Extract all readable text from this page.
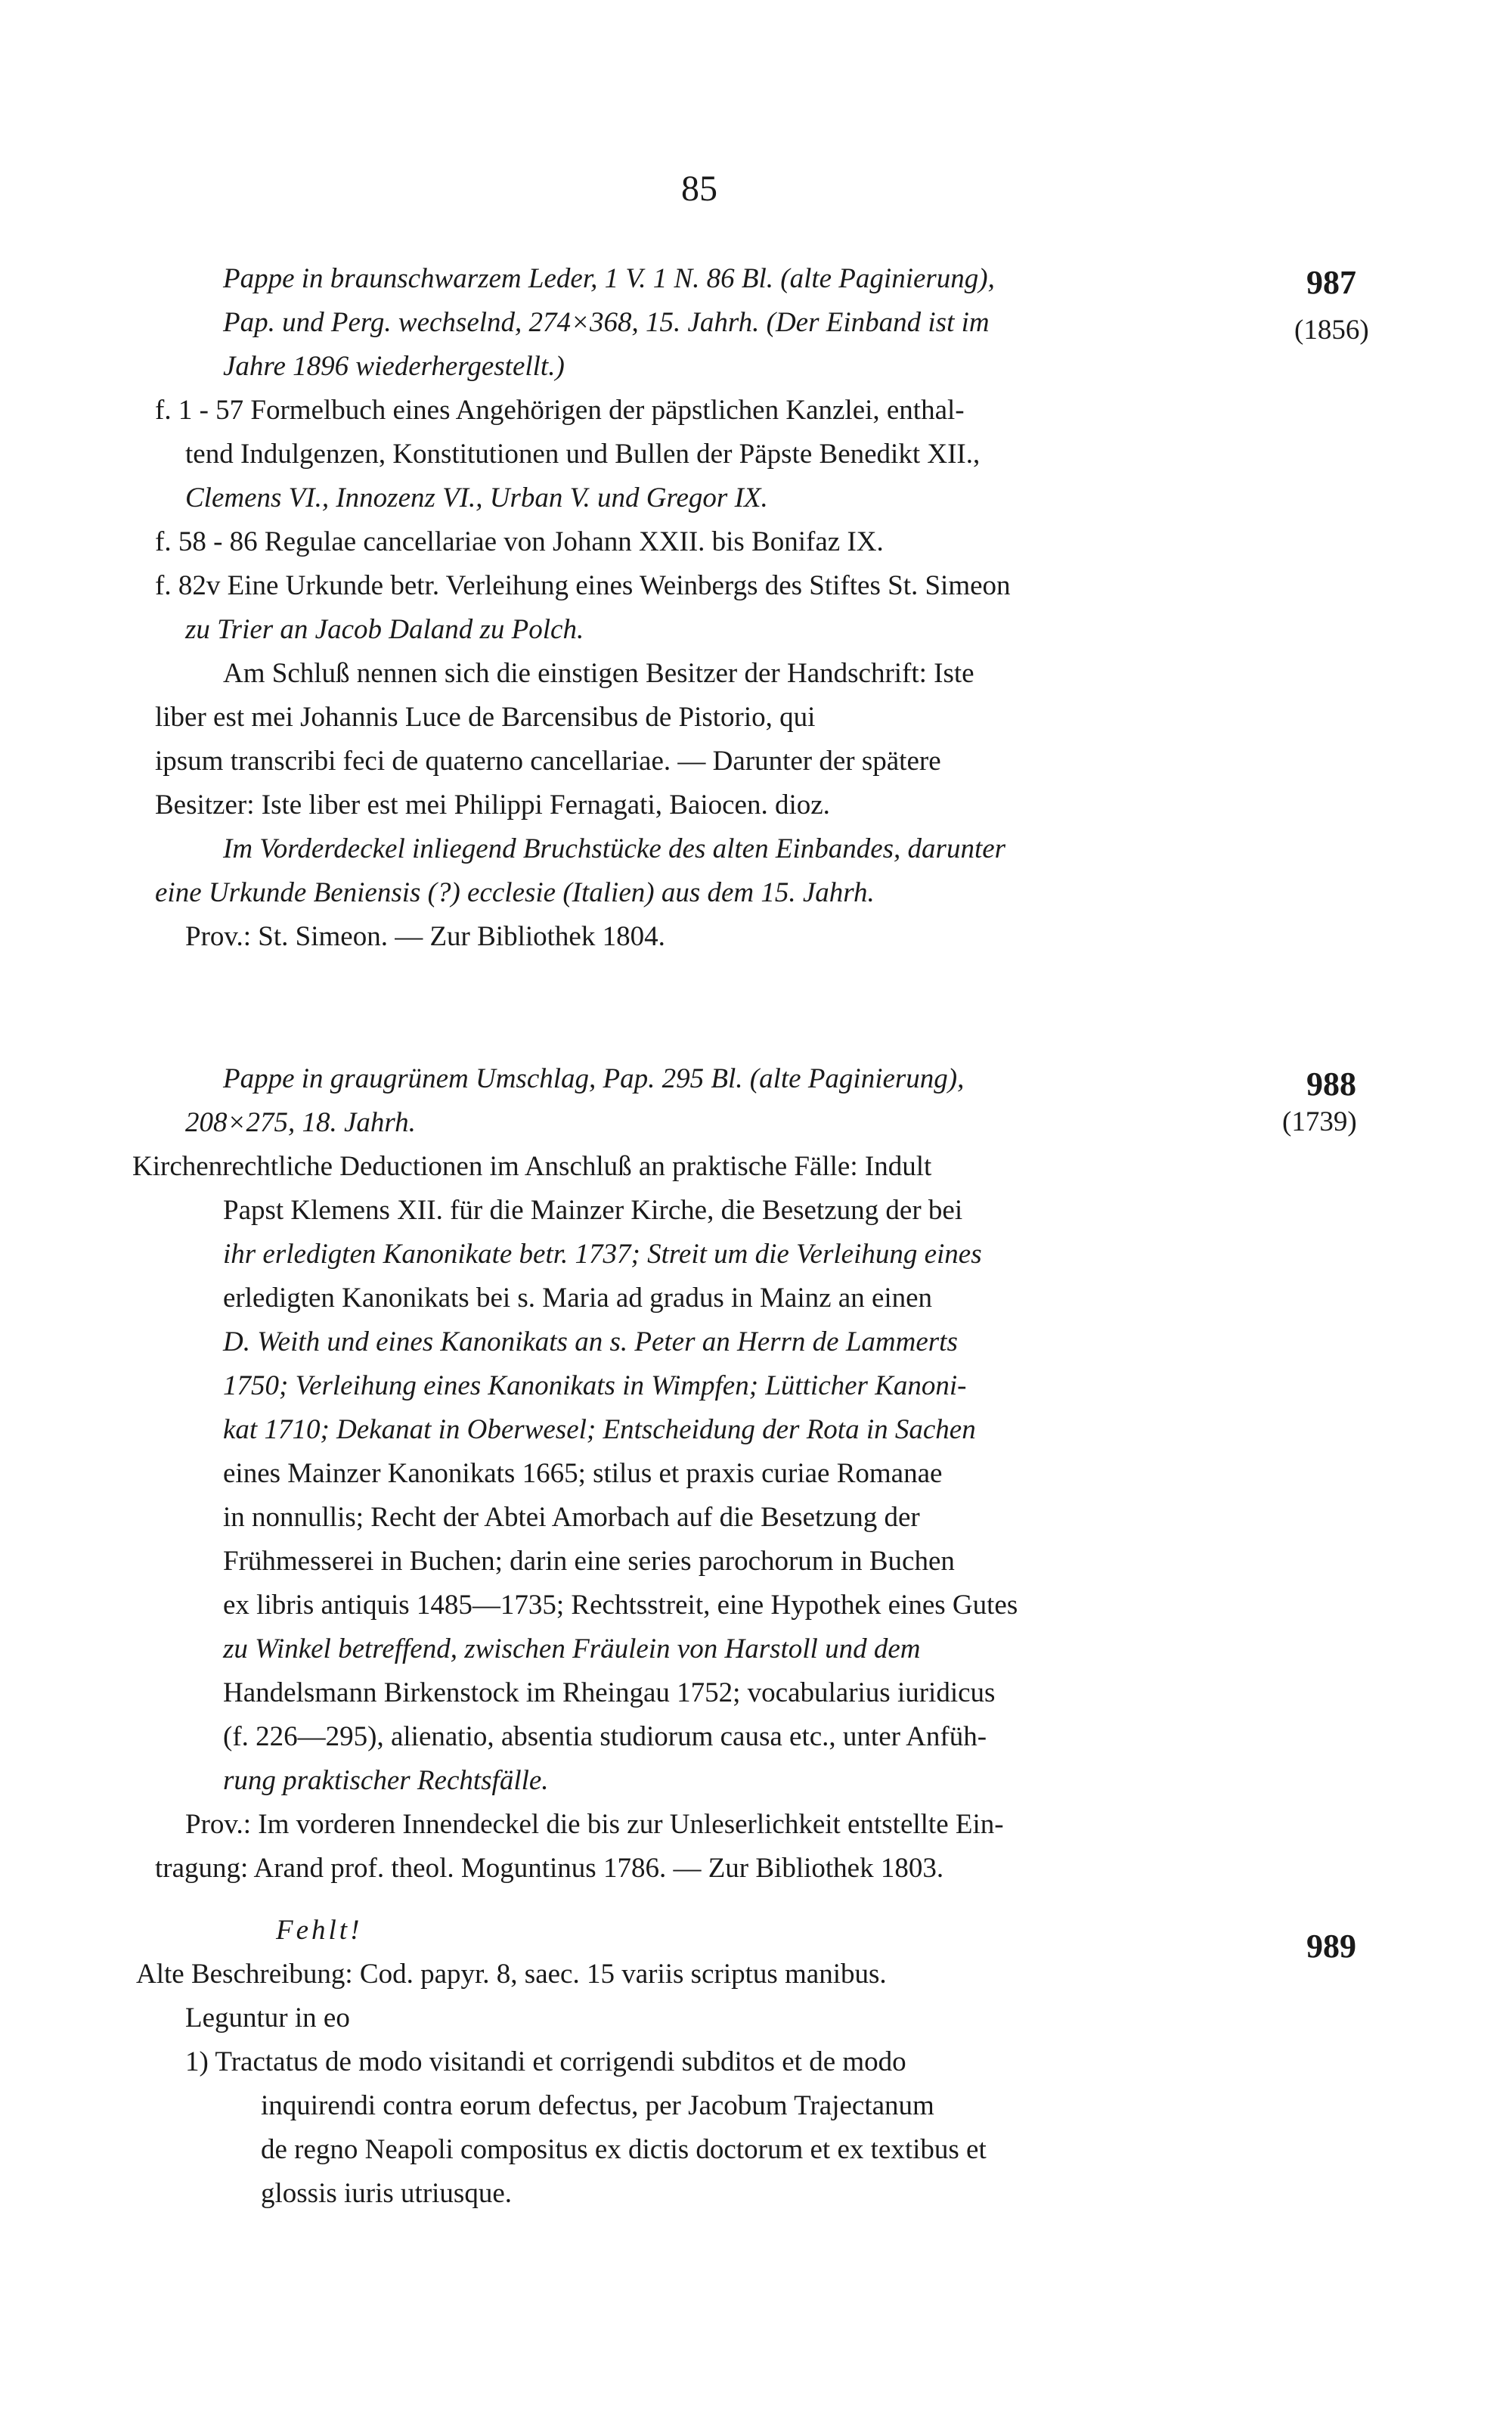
85
987
(1856)
Pappe in braunschwarzem Leder, 1 V. 1 N. 86 Bl. (alte Paginierung),
Pap. und Perg. wechselnd, 274×368, 15. Jahrh. (Der Einband ist im
Jahre 1896 wiederhergestellt.)
f. 1 - 57 Formelbuch eines Angehörigen der päpstlichen Kanzlei, enthal-
tend Indulgenzen, Konstitutionen und Bullen der Päpste Benedikt XII.,
Clemens VI., Innozenz VI., Urban V. und Gregor IX.
f. 58 - 86 Regulae cancellariae von Johann XXII. bis Bonifaz IX.
f. 82v Eine Urkunde betr. Verleihung eines Weinbergs des Stiftes St. Simeon
zu Trier an Jacob Daland zu Polch.
Am Schluß nennen sich die einstigen Besitzer der Handschrift: Iste
liber est mei Johannis Luce de Barcensibus de Pistorio, qui
ipsum transcribi feci de quaterno cancellariae. — Darunter der spätere
Besitzer: Iste liber est mei Philippi Fernagati, Baiocen. dioz.
Im Vorderdeckel inliegend Bruchstücke des alten Einbandes, darunter
eine Urkunde Beniensis (?) ecclesie (Italien) aus dem 15. Jahrh.
Prov.: St. Simeon. — Zur Bibliothek 1804.
988
(1739)
Pappe in graugrünem Umschlag, Pap. 295 Bl. (alte Paginierung),
208×275, 18. Jahrh.
Kirchenrechtliche Deductionen im Anschluß an praktische Fälle: Indult
Papst Klemens XII. für die Mainzer Kirche, die Besetzung der bei
ihr erledigten Kanonikate betr. 1737; Streit um die Verleihung eines
erledigten Kanonikats bei s. Maria ad gradus in Mainz an einen
D. Weith und eines Kanonikats an s. Peter an Herrn de Lammerts
1750; Verleihung eines Kanonikats in Wimpfen; Lütticher Kanoni-
kat 1710; Dekanat in Oberwesel; Entscheidung der Rota in Sachen
eines Mainzer Kanonikats 1665; stilus et praxis curiae Romanae
in nonnullis; Recht der Abtei Amorbach auf die Besetzung der
Frühmesserei in Buchen; darin eine series parochorum in Buchen
ex libris antiquis 1485—1735; Rechtsstreit, eine Hypothek eines Gutes
zu Winkel betreffend, zwischen Fräulein von Harstoll und dem
Handelsmann Birkenstock im Rheingau 1752; vocabularius iuridicus
(f. 226—295), alienatio, absentia studiorum causa etc., unter Anfüh-
rung praktischer Rechtsfälle.
Prov.: Im vorderen Innendeckel die bis zur Unleserlichkeit entstellte Ein-
tragung: Arand prof. theol. Moguntinus 1786. — Zur Bibliothek 1803.
989
Fehlt!
Alte Beschreibung: Cod. papyr. 8, saec. 15 variis scriptus manibus.
Leguntur in eo
1) Tractatus de modo visitandi et corrigendi subditos et de modo
inquirendi contra eorum defectus, per Jacobum Trajectanum
de regno Neapoli compositus ex dictis doctorum et ex textibus et
glossis iuris utriusque.
